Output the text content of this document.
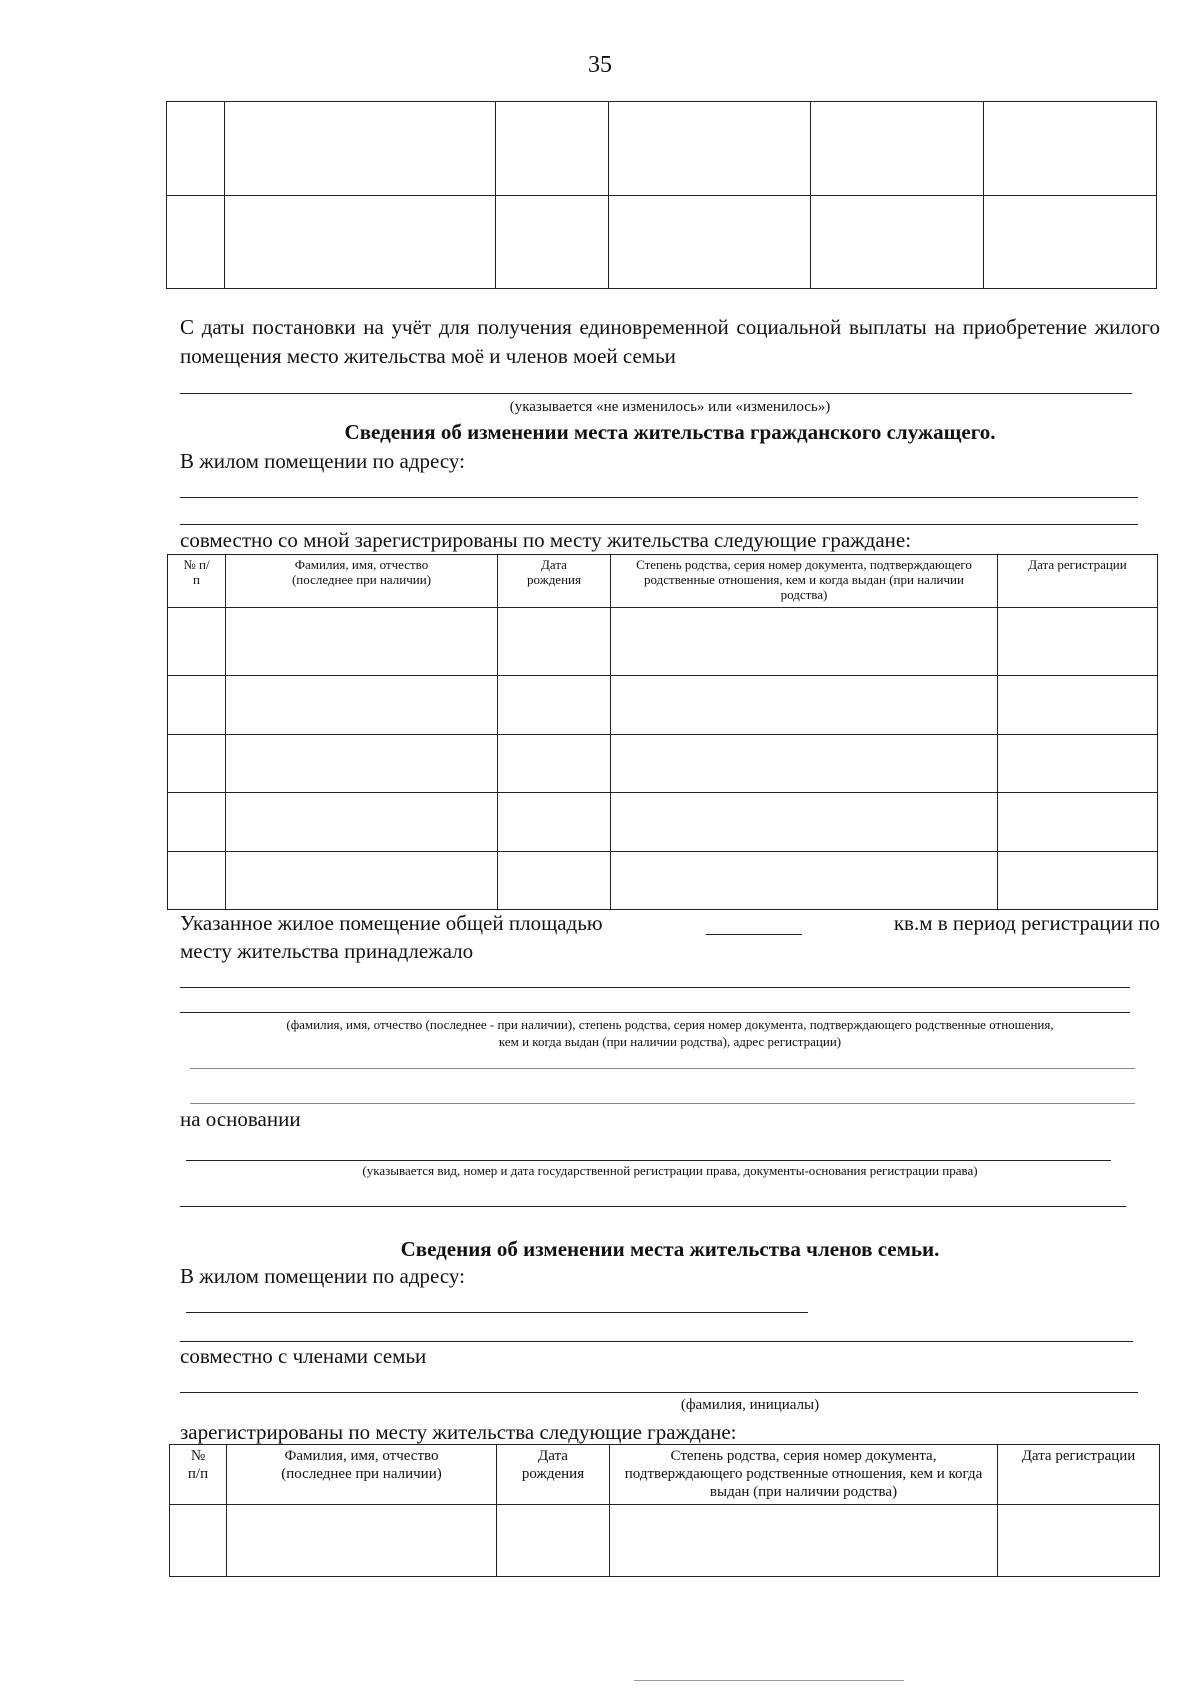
35

С даты постановки на учёт для получения единовременной социальной выплаты на приобретение жилого помещения место жительства моё и членов моей семьи
(указывается «не изменилось» или «изменилось»)
Сведения об изменении места жительства гражданского служащего.
В жилом помещении по адресу:
совместно со мной зарегистрированы по месту жительства следующие граждане:
№ п/п	Фамилия, имя, отчество (последнее при наличии)	Дата рождения	Степень родства, серия номер документа, подтверждающего родственные отношения, кем и когда выдан (при наличии родства)	Дата регистрации

Указанное жилое помещение общей площадью	кв.м в период регистрации по
месту жительства принадлежало
(фамилия, имя, отчество (последнее - при наличии), степень родства, серия номер документа, подтверждающего родственные отношения,
кем и когда выдан (при наличии родства), адрес регистрации)
на основании
(указывается вид, номер и дата государственной регистрации права, документы-основания регистрации права)
Сведения об изменении места жительства членов семьи.
В жилом помещении по адресу:
совместно с членами семьи
(фамилия, инициалы)
зарегистрированы по месту жительства следующие граждане:
№ п/п	Фамилия, имя, отчество (последнее при наличии)	Дата рождения	Степень родства, серия номер документа, подтверждающего родственные отношения, кем и когда выдан (при наличии родства)	Дата регистрации
